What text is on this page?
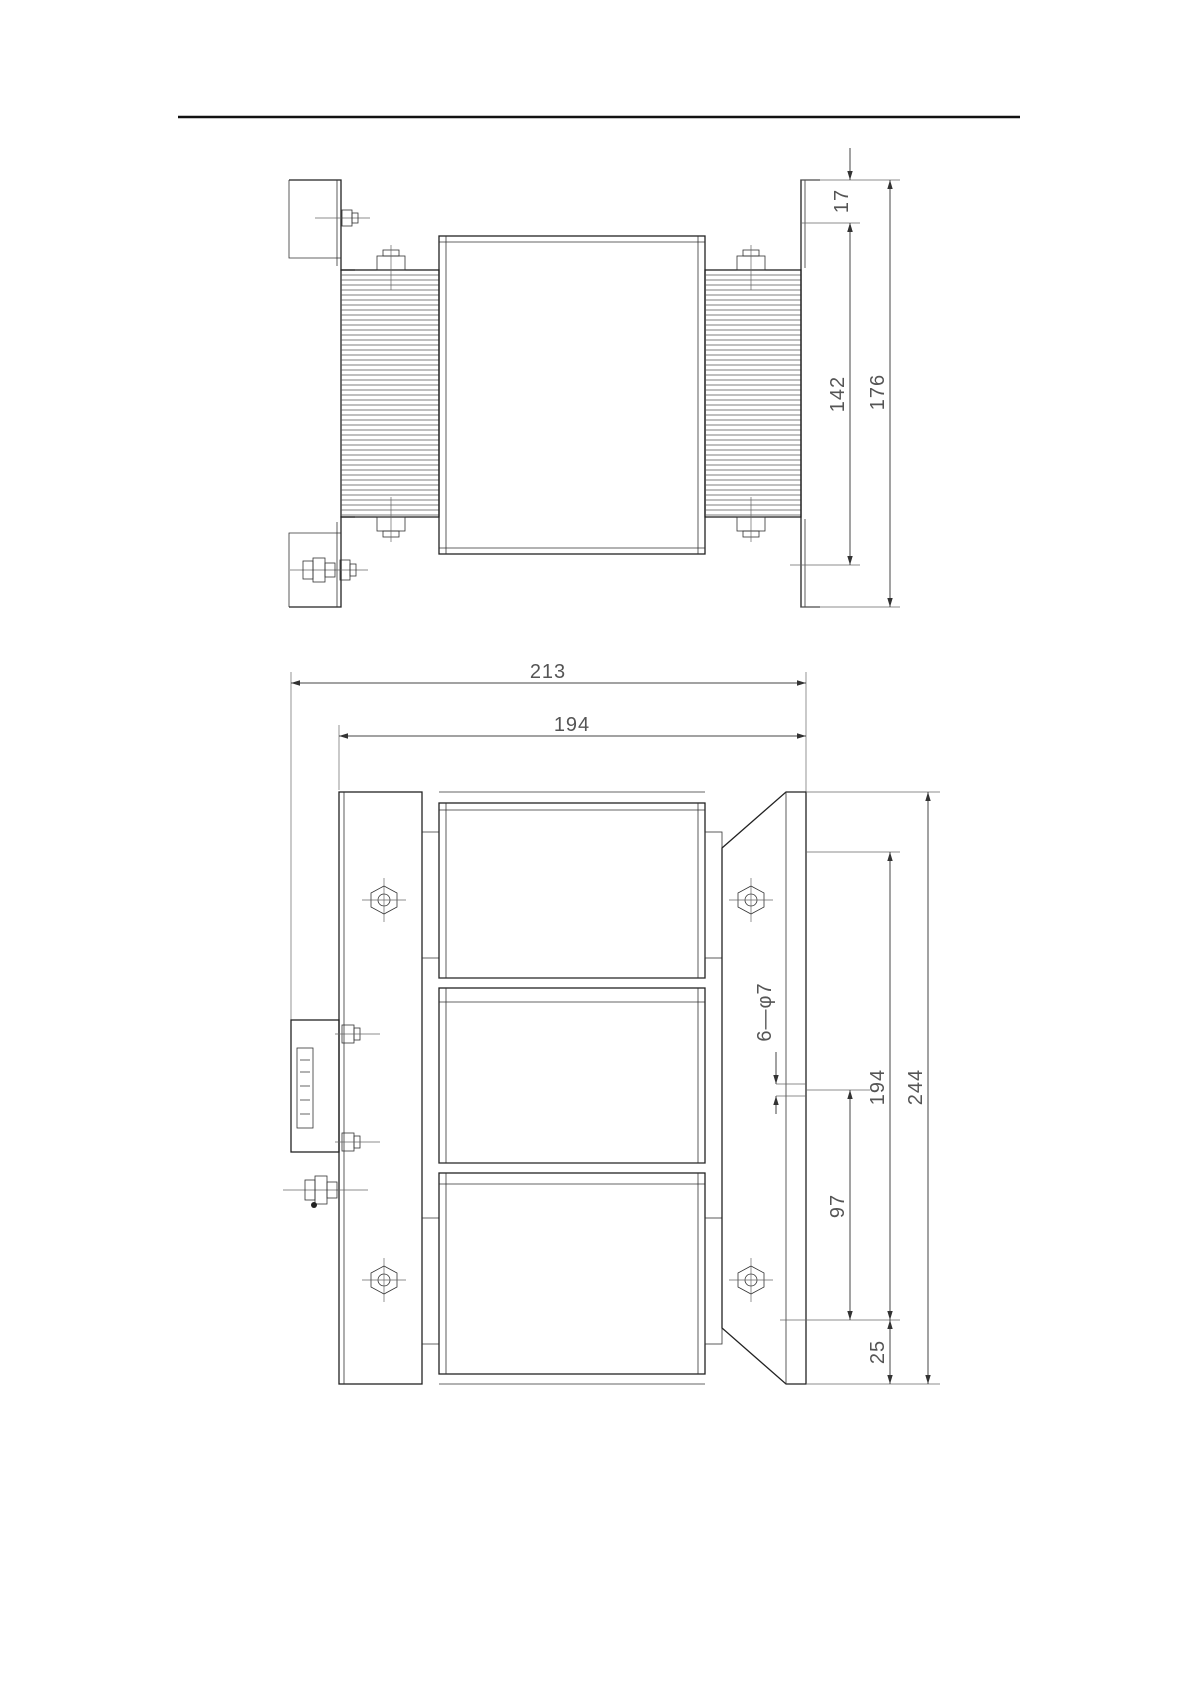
17
142 176
213
194
6—φ7
97
25
194 244
